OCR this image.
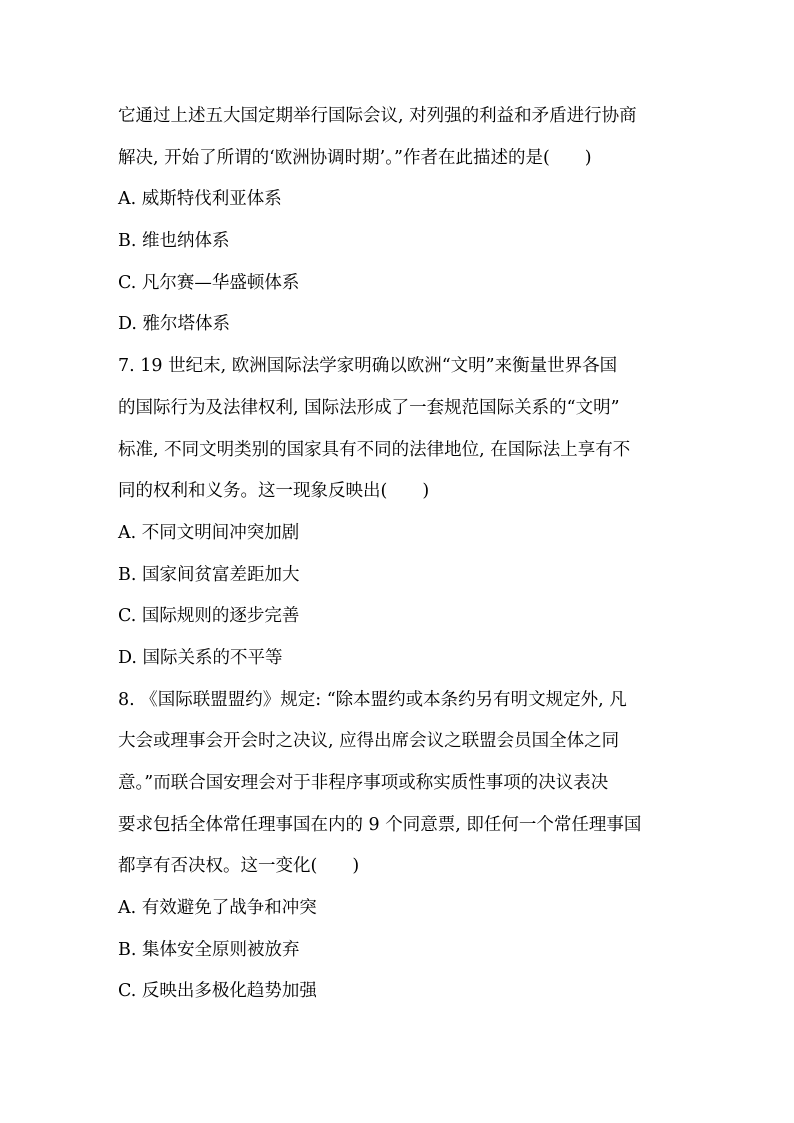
它通过上述五大国定期举行国际会议, 对列强的利益和矛盾进行协商
解决, 开始了所谓的‘欧洲协调时期’。”作者在此描述的是(　　)
A. 威斯特伐利亚体系
B. 维也纳体系
C. 凡尔赛—华盛顿体系
D. 雅尔塔体系
7. 19 世纪末, 欧洲国际法学家明确以欧洲“文明”来衡量世界各国
的国际行为及法律权利, 国际法形成了一套规范国际关系的“文明”
标准, 不同文明类别的国家具有不同的法律地位, 在国际法上享有不
同的权利和义务。这一现象反映出(　　)
A. 不同文明间冲突加剧
B. 国家间贫富差距加大
C. 国际规则的逐步完善
D. 国际关系的不平等
8. 《国际联盟盟约》规定: “除本盟约或本条约另有明文规定外, 凡
大会或理事会开会时之决议, 应得出席会议之联盟会员国全体之同
意。”而联合国安理会对于非程序事项或称实质性事项的决议表决
要求包括全体常任理事国在内的 9 个同意票, 即任何一个常任理事国
都享有否决权。这一变化(　　)
A. 有效避免了战争和冲突
B. 集体安全原则被放弃
C. 反映出多极化趋势加强
